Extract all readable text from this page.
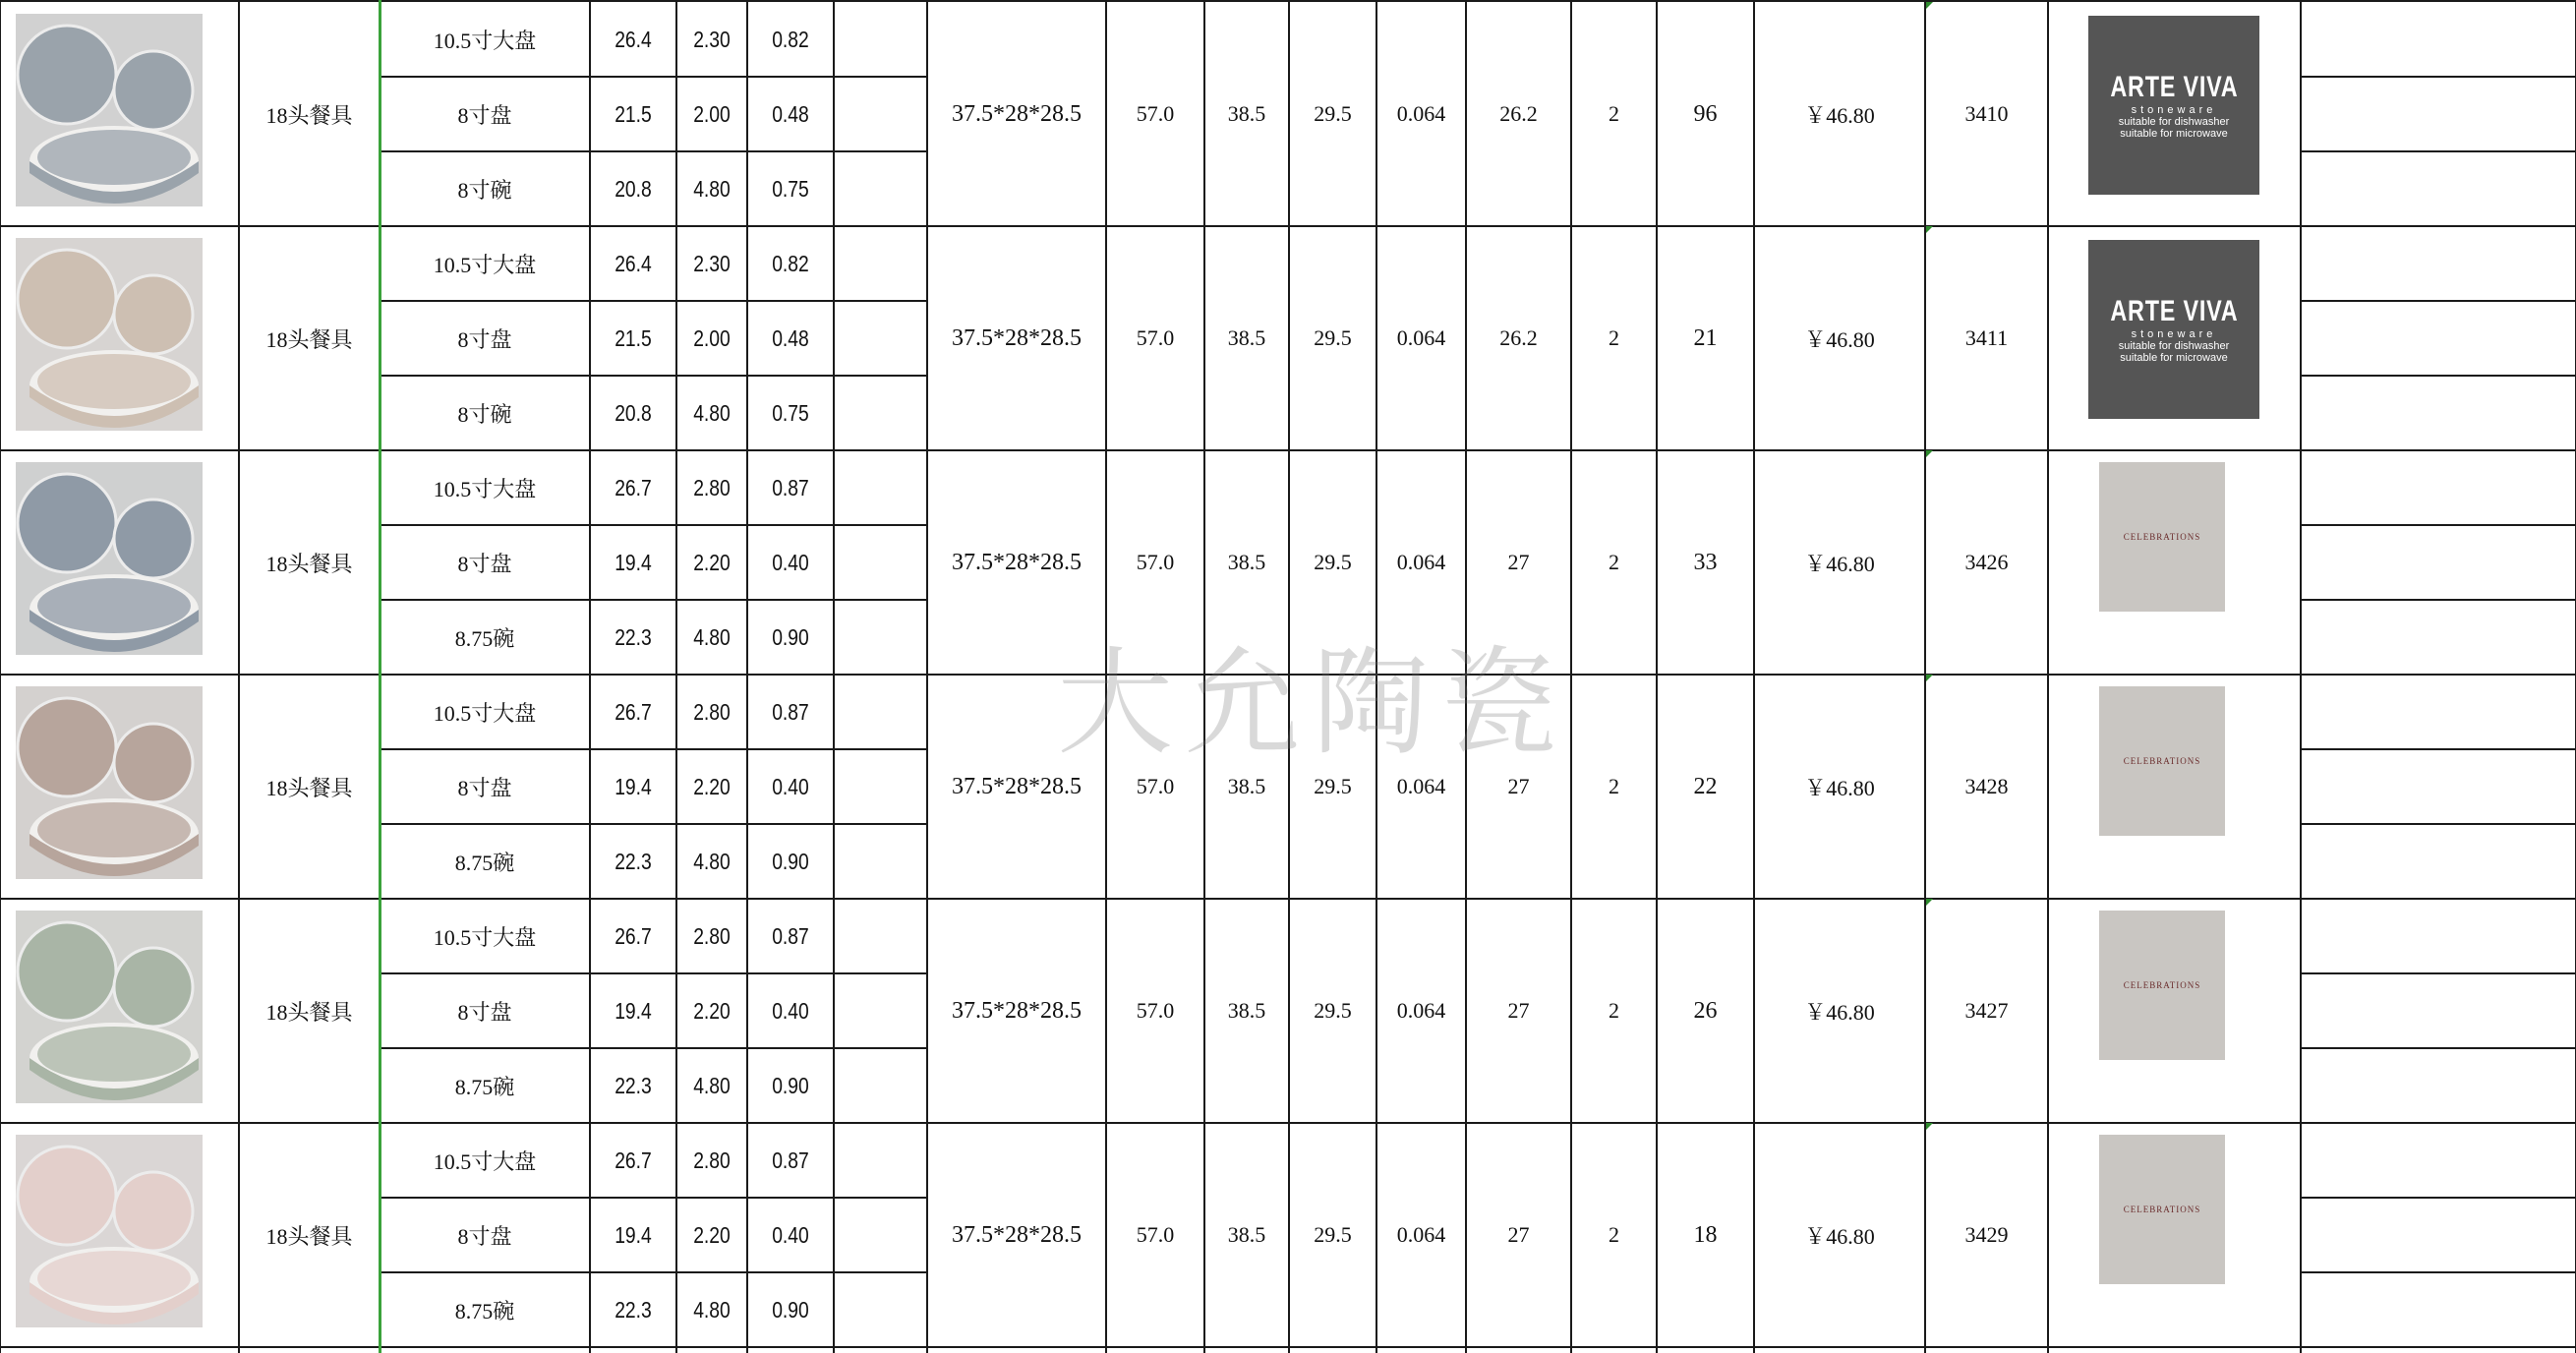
18头餐具
10.5寸大盘	26.4	2.30	0.82
8寸盘	21.5	2.00	0.48
8寸碗	20.8	4.80	0.75
37.5*28*28.5	57.0	38.5	29.5	0.064	26.2	2	96	￥46.80	3410
ARTE VIVA
stoneware
suitable for dishwasher
suitable for microwave
18头餐具
10.5寸大盘	26.4	2.30	0.82
8寸盘	21.5	2.00	0.48
8寸碗	20.8	4.80	0.75
37.5*28*28.5	57.0	38.5	29.5	0.064	26.2	2	21	￥46.80	3411
ARTE VIVA
stoneware
suitable for dishwasher
suitable for microwave
18头餐具
10.5寸大盘	26.7	2.80	0.87
8寸盘	19.4	2.20	0.40
8.75碗	22.3	4.80	0.90
37.5*28*28.5	57.0	38.5	29.5	0.064	27	2	33	￥46.80	3426
CELEBRATIONS
18头餐具
10.5寸大盘	26.7	2.80	0.87
8寸盘	19.4	2.20	0.40
8.75碗	22.3	4.80	0.90
37.5*28*28.5	57.0	38.5	29.5	0.064	27	2	22	￥46.80	3428
CELEBRATIONS
18头餐具
10.5寸大盘	26.7	2.80	0.87
8寸盘	19.4	2.20	0.40
8.75碗	22.3	4.80	0.90
37.5*28*28.5	57.0	38.5	29.5	0.064	27	2	26	￥46.80	3427
CELEBRATIONS
18头餐具
10.5寸大盘	26.7	2.80	0.87
8寸盘	19.4	2.20	0.40
8.75碗	22.3	4.80	0.90
37.5*28*28.5	57.0	38.5	29.5	0.064	27	2	18	￥46.80	3429
CELEBRATIONS
大允陶瓷
